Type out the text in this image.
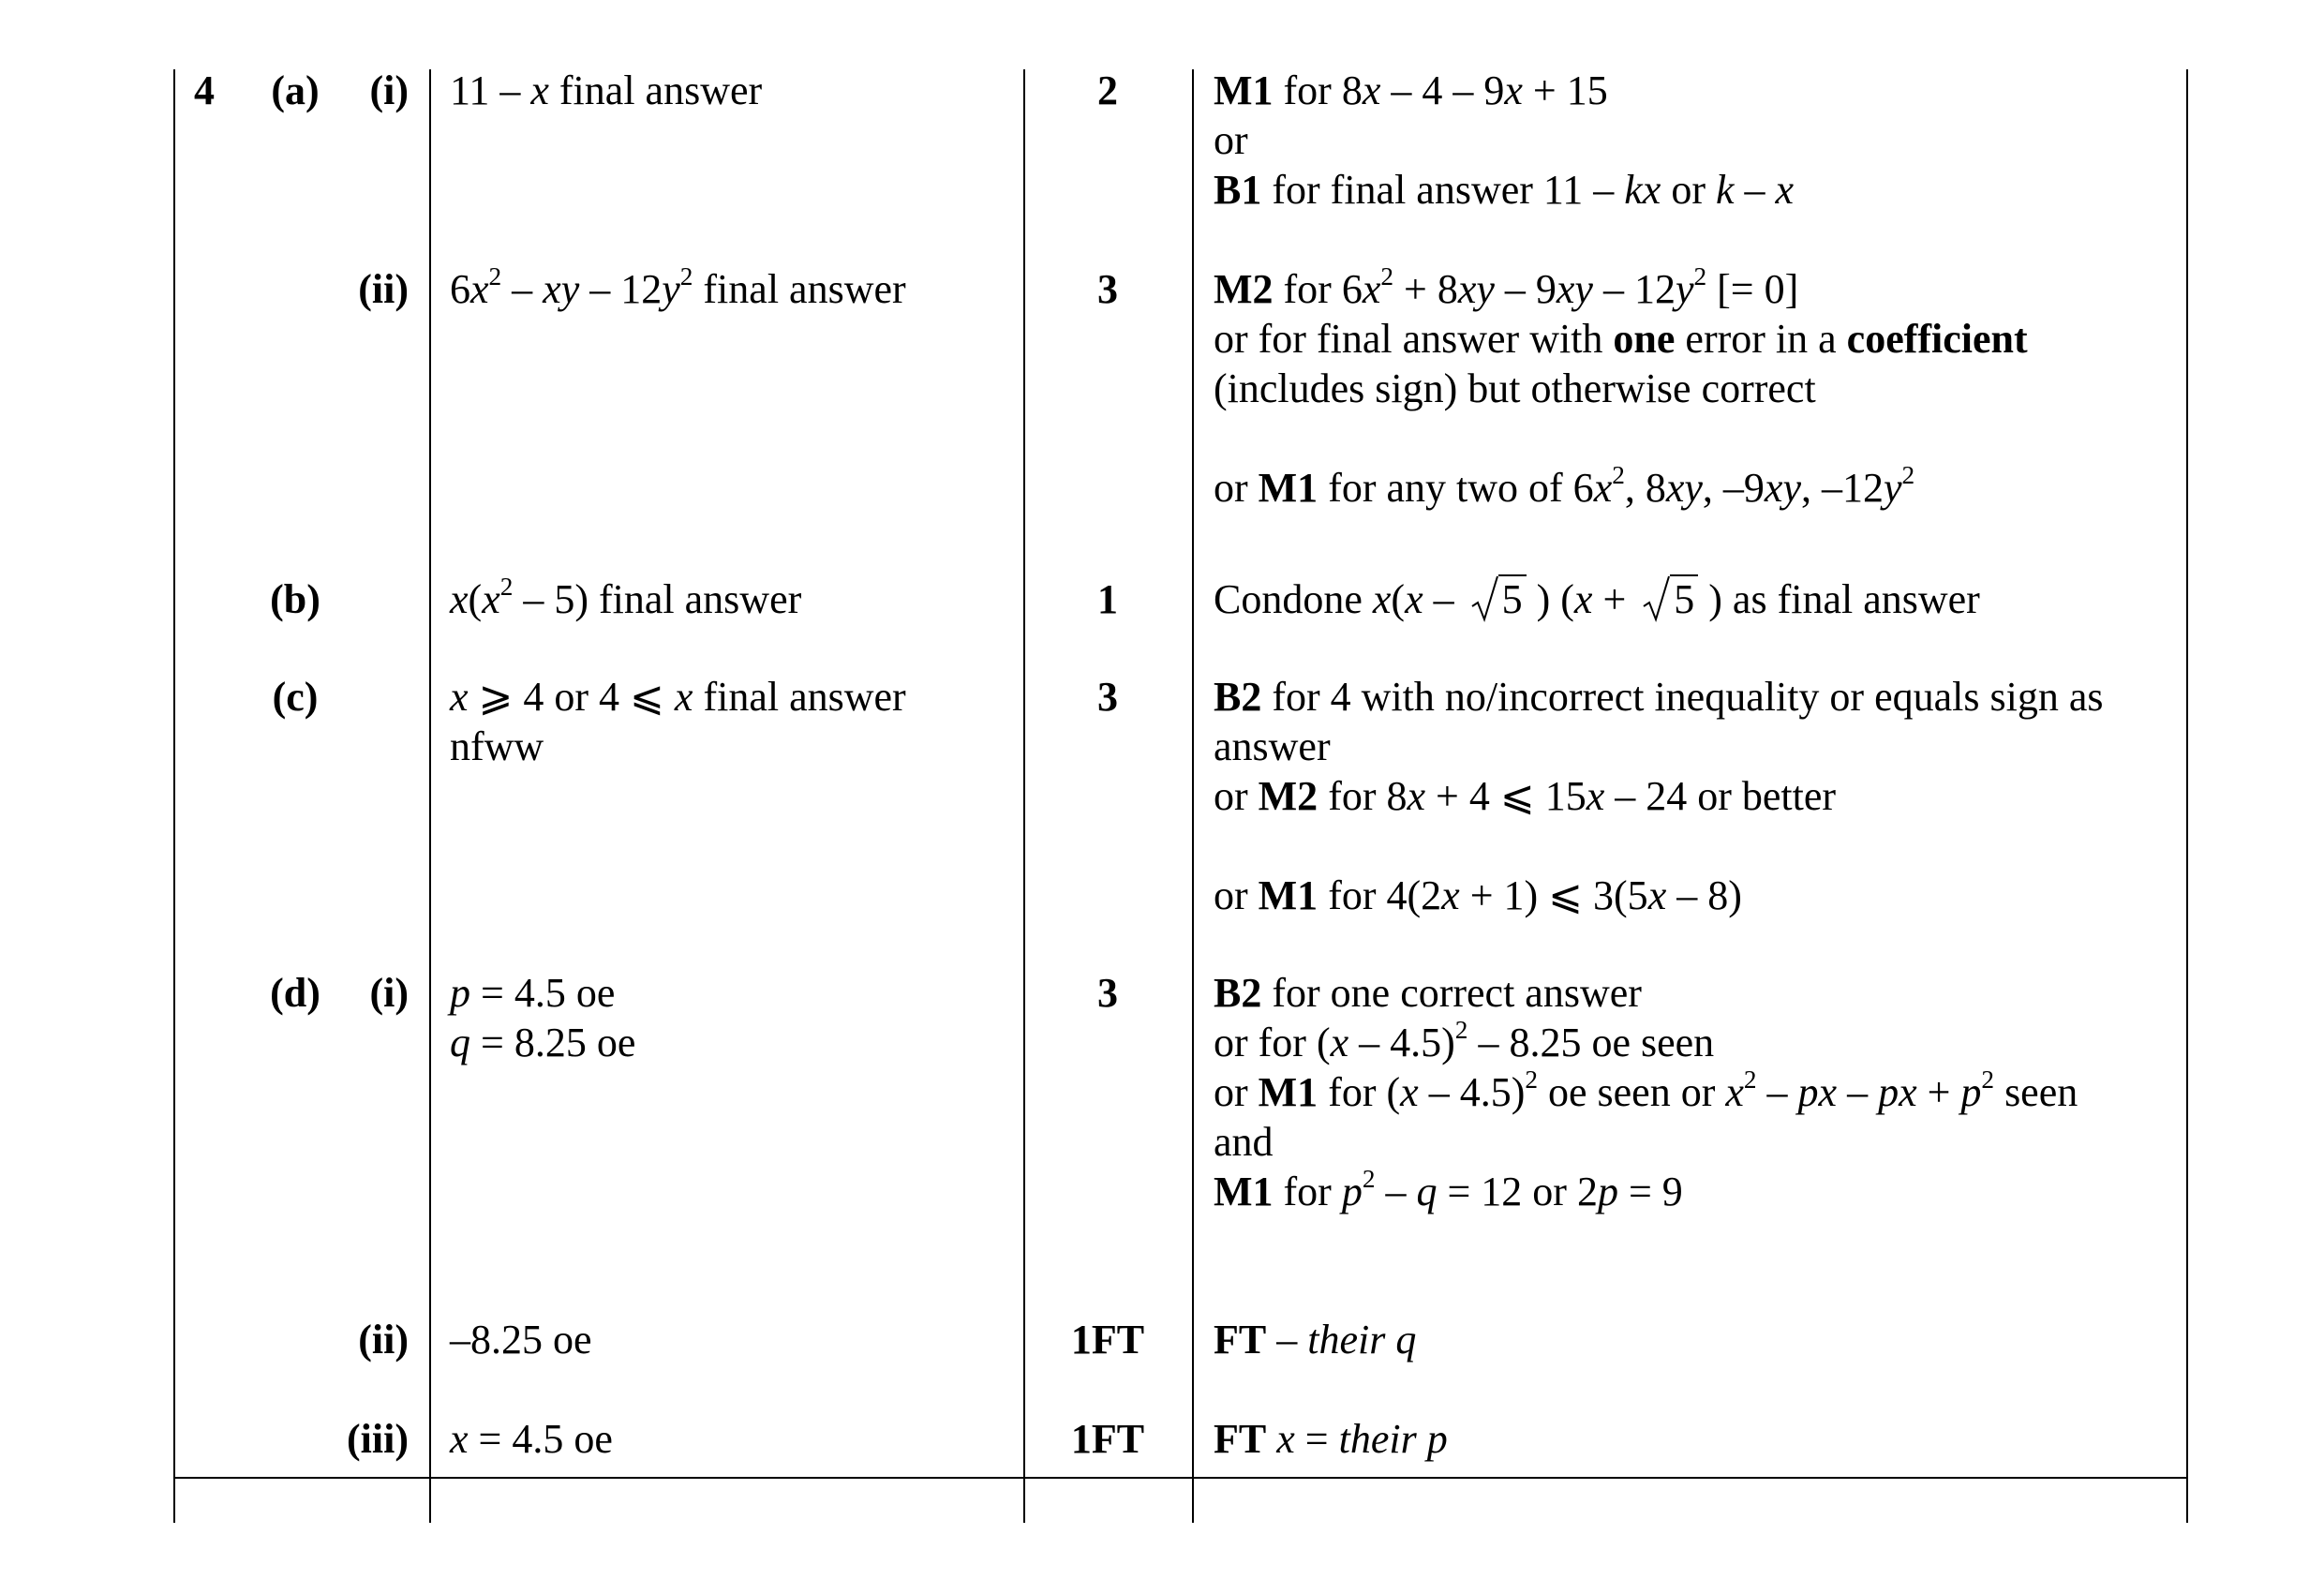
4 (a)	(i) 11 – x final answer	2	M1 for 8x – 4 – 9x + 15
or
B1 for final answer 11 – kx or k – x
(ii) $6x^2$ – xy – $12y^2$ final answer	3	M2 for $6x^2 + 8xy - 9xy - 12y^2$ [= 0]
or for final answer with one error in a coefficient
(includes sign) but otherwise correct
or M1 for any two of $6x^2$, 8xy, –9xy, $-12y^2$
(b)	$x(x^2 - 5)$ final answer	1	Condone x(x –
5 ) (x +
5 ) as final answer
(c)	x ⩾ 4 or 4 ⩽ x final answer
nfww
3	B2 for 4 with no/incorrect inequality or equals sign as
answer
or M2 for 8x + 4 ⩽ 15x – 24 or better
or M1 for 4(2x + 1) ⩽ 3(5x – 8)
(d)	(i) p = 4.5 oe
q = 8.25 oe
3	B2 for one correct answer
or for (x – 4.5)$^2$ – 8.25 oe seen
or M1 for (x – 4.5)$^2$ oe seen or $x^2$ – px – px + $p^2$ seen
and
M1 for $p^2 - q = 12$ or 2p = 9
(ii) –8.25 oe	1FT	FT – their q
(iii) x = 4.5 oe	1FT	FT x = their p
